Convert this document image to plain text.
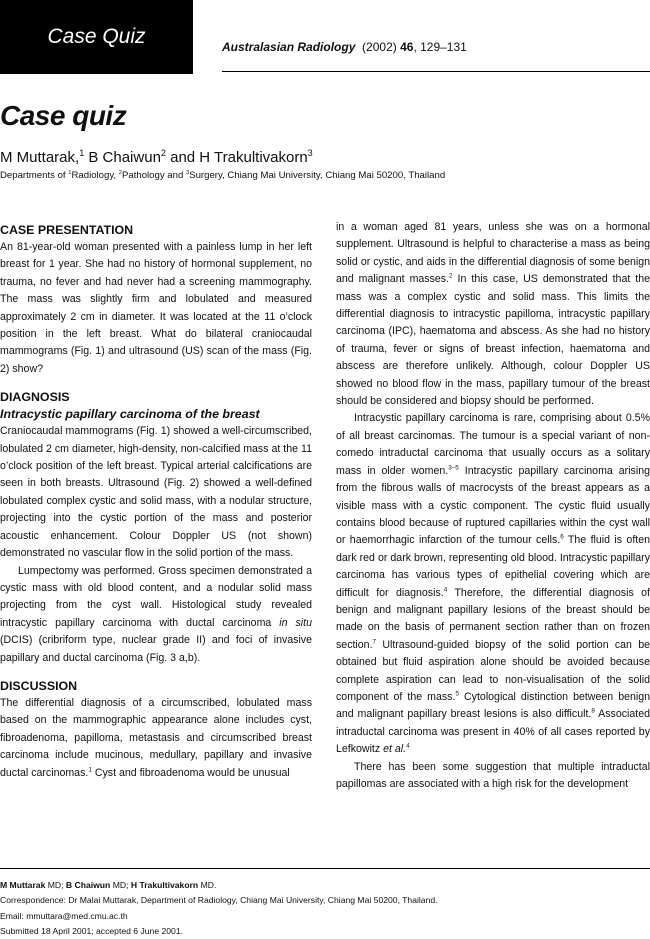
Case Quiz	Australasian Radiology (2002) 46, 129–131
Case quiz
M Muttarak,$^1$ B Chaiwun$^2$ and H Trakultivakorn$^3$
Departments of $^1$Radiology, $^2$Pathology and $^3$Surgery, Chiang Mai University, Chiang Mai 50200, Thailand
CASE PRESENTATION

An 81-year-old woman presented with a painless lump in her left breast for 1 year. She had no history of hormonal supplement, no trauma, no fever and had never had a screening mammography. The mass was slightly firm and lobulated and measured approximately 2 cm in diameter. It was located at the 11 o’clock position in the left breast. What do bilateral craniocaudal mammograms (Fig. 1) and ultrasound (US) scan of the mass (Fig. 2) show?

DIAGNOSIS
Intracystic papillary carcinoma of the breast

Craniocaudal mammograms (Fig. 1) showed a well-circumscribed, lobulated 2 cm diameter, high-density, non-calcified mass at the 11 o’clock position of the left breast. Typical arterial calcifications are seen in both breasts. Ultrasound (Fig. 2) showed a well-defined lobulated complex cystic and solid mass, with a nodular structure, projecting into the cystic portion of the mass and posterior acoustic enhancement. Colour Doppler US (not shown) demonstrated no vascular flow in the solid portion of the mass.

Lumpectomy was performed. Gross specimen demonstrated a cystic mass with old blood content, and a nodular solid mass projecting from the cyst wall. Histological study revealed intracystic papillary carcinoma with ductal carcinoma in situ (DCIS) (cribriform type, nuclear grade II) and foci of invasive papillary and ductal carcinoma (Fig. 3 a,b).

DISCUSSION

The differential diagnosis of a circumscribed, lobulated mass based on the mammographic appearance alone includes cyst, fibroadenoma, papilloma, metastasis and circumscribed breast carcinoma include mucinous, medullary, papillary and invasive ductal carcinomas.$^1$ Cyst and fibroadenoma would be unusual

in a woman aged 81 years, unless she was on a hormonal supplement. Ultrasound is helpful to characterise a mass as being solid or cystic, and aids in the differential diagnosis of some benign and malignant masses.$^2$ In this case, US demonstrated that the mass was a complex cystic and solid mass. This limits the differential diagnosis to intracystic papilloma, intracystic papillary carcinoma (IPC), haematoma and abscess. As she had no history of trauma, fever or signs of breast infection, haematoma and abscess are therefore unlikely. Although, colour Doppler US showed no blood flow in the mass, papillary tumour of the breast should be considered and biopsy should be performed.

Intracystic papillary carcinoma is rare, comprising about 0.5% of all breast carcinomas. The tumour is a special variant of non-comedo intraductal carcinoma that usually occurs as a solitary mass in older women.$^{3-5}$ Intracystic papillary carcinoma arising from the fibrous walls of macrocysts of the breast appears as a visible mass with a cystic component. The cystic fluid usually contains blood because of ruptured capillaries within the cyst wall or haemorrhagic infarction of the tumour cells.$^6$ The fluid is often dark red or dark brown, representing old blood. Intracystic papillary carcinoma has various types of epithelial covering which are difficult for diagnosis.$^4$ Therefore, the differential diagnosis of benign and malignant papillary lesions of the breast should be made on the basis of permanent section rather than on frozen section.$^7$ Ultrasound-guided biopsy of the solid portion can be obtained but fluid aspiration alone should be avoided because complete aspiration can lead to non-visualisation of the solid component of the mass.$^5$ Cytological distinction between benign and malignant papillary breast lesions is also difficult.$^8$ Associated intraductal carcinoma was present in 40% of all cases reported by Lefkowitz et al.$^4$

There has been some suggestion that multiple intraductal papillomas are associated with a high risk for the development

M Muttarak MD; B Chaiwun MD; H Trakultivakorn MD.
Correspondence: Dr Malai Muttarak, Department of Radiology, Chiang Mai University, Chiang Mai 50200, Thailand.
Email: mmuttara@med.cmu.ac.th
Submitted 18 April 2001; accepted 6 June 2001.
